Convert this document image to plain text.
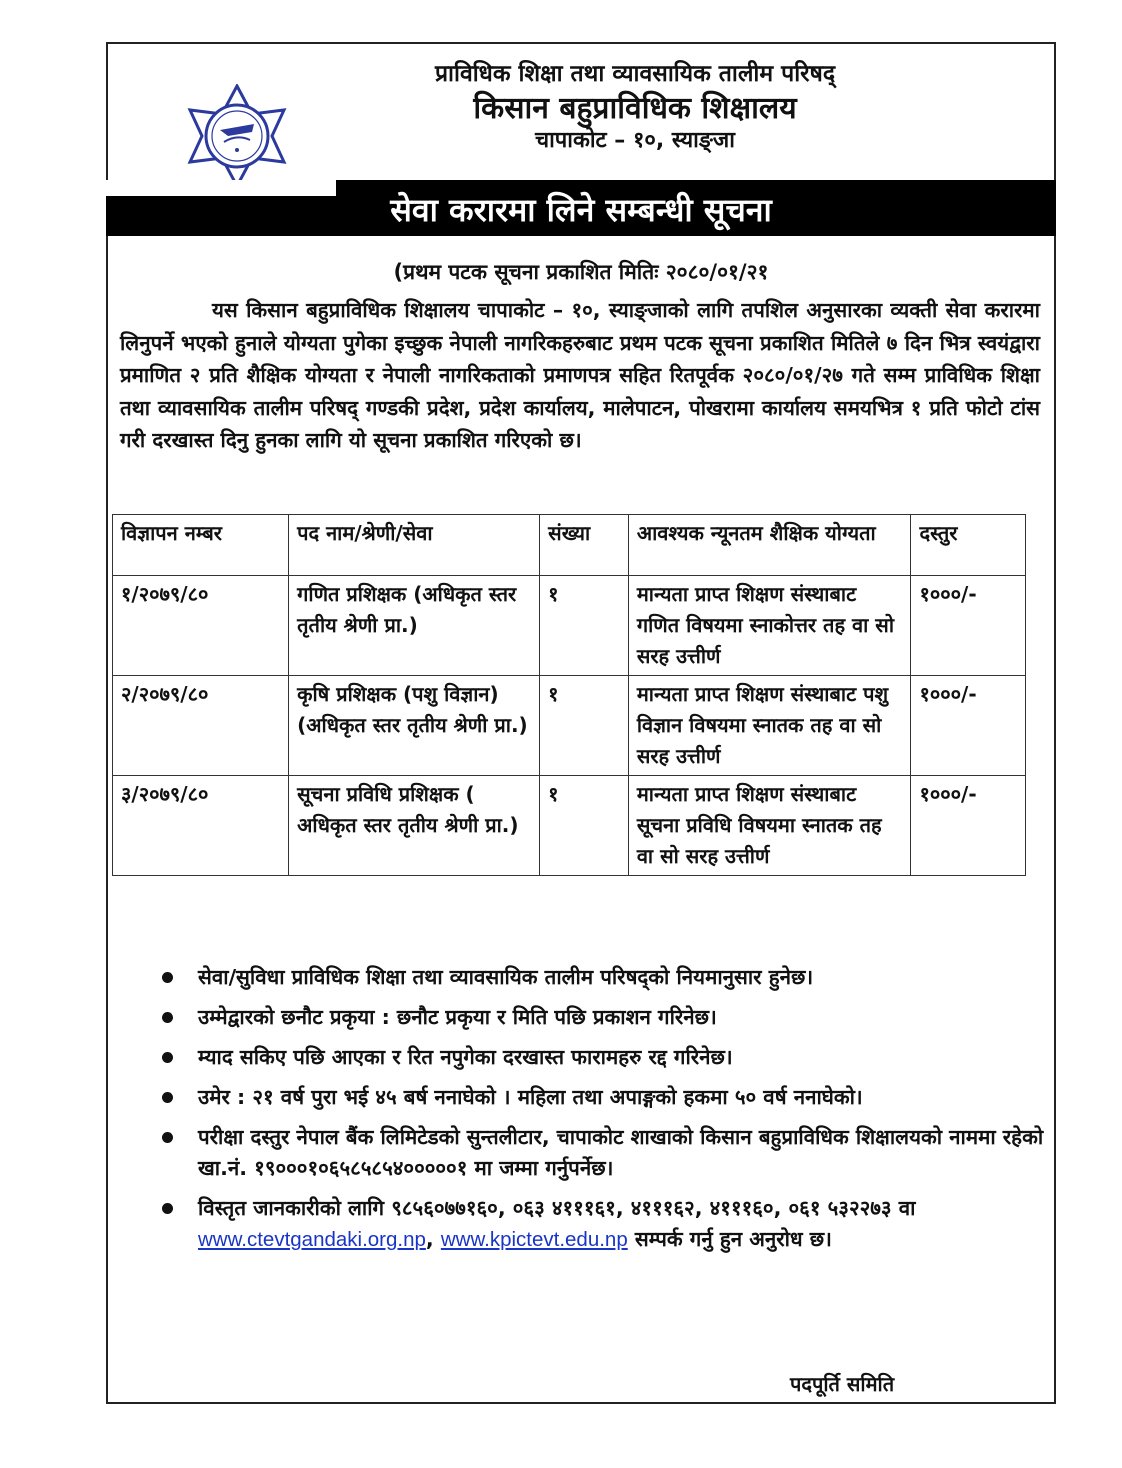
प्राविधिक शिक्षा तथा व्यावसायिक तालीम परिषद्
किसान बहुप्राविधिक शिक्षालय
चापाकोट – १०, स्याङ्जा
सेवा करारमा लिने सम्बन्धी सूचना
(प्रथम पटक सूचना प्रकाशित मितिः २०८०/०१/२१
यस किसान बहुप्राविधिक शिक्षालय चापाकोट – १०, स्याङ्जाको लागि तपशिल अनुसारका व्यक्ती सेवा करारमा लिनुपर्ने भएको हुनाले योग्यता पुगेका इच्छुक नेपाली नागरिकहरुबाट प्रथम पटक सूचना प्रकाशित मितिले ७ दिन भित्र स्वयंद्वारा प्रमाणित २ प्रति शैक्षिक योग्यता र नेपाली नागरिकताको प्रमाणपत्र सहित रितपूर्वक २०८०/०१/२७ गते सम्म प्राविधिक शिक्षा तथा व्यावसायिक तालीम परिषद् गण्डकी प्रदेश, प्रदेश कार्यालय, मालेपाटन, पोखरामा कार्यालय समयभित्र १ प्रति फोटो टांस गरी दरखास्त दिनु हुनका लागि यो सूचना प्रकाशित गरिएको छ।
विज्ञापन नम्बर	पद नाम/श्रेणी/सेवा	संख्या	आवश्यक न्यूनतम शैक्षिक योग्यता	दस्तुर
१/२०७९/८०	गणित प्रशिक्षक (अधिकृत स्तर तृतीय श्रेणी प्रा.)	१	मान्यता प्राप्त शिक्षण संस्थाबाट गणित विषयमा स्नाकोत्तर तह वा सो सरह उत्तीर्ण	१०००/-
२/२०७९/८०	कृषि प्रशिक्षक (पशु विज्ञान) (अधिकृत स्तर तृतीय श्रेणी प्रा.)	१	मान्यता प्राप्त शिक्षण संस्थाबाट पशु विज्ञान विषयमा स्नातक तह वा सो सरह उत्तीर्ण	१०००/-
३/२०७९/८०	सूचना प्रविधि प्रशिक्षक ( अधिकृत स्तर तृतीय श्रेणी प्रा.)	१	मान्यता प्राप्त शिक्षण संस्थाबाट सूचना प्रविधि विषयमा स्नातक तह वा सो सरह उत्तीर्ण	१०००/-
सेवा/सुविधा प्राविधिक शिक्षा तथा व्यावसायिक तालीम परिषद्को नियमानुसार हुनेछ।
उम्मेद्वारको छनौट प्रकृया : छनौट प्रकृया र मिति पछि प्रकाशन गरिनेछ।
म्याद सकिए पछि आएका र रित नपुगेका दरखास्त फारामहरु रद्द गरिनेछ।
उमेर : २१ वर्ष पुरा भई ४५ बर्ष ननाघेको । महिला तथा अपाङ्गको हकमा ५० वर्ष ननाघेको।
परीक्षा दस्तुर नेपाल बैंक लिमिटेडको सुन्तलीटार, चापाकोट शाखाको किसान बहुप्राविधिक शिक्षालयको नाममा रहेको खा.नं. १९०००१०६५८५८५४०००००१ मा जम्मा गर्नुपर्नेछ।
विस्तृत जानकारीको लागि ९८५६०७७१६०, ०६३ ४१११६१, ४१११६२, ४१११६०, ०६१ ५३२२७३ वा www.ctevtgandaki.org.np, www.kpictevt.edu.np सम्पर्क गर्नु हुन अनुरोध छ।
पदपूर्ति समिति
